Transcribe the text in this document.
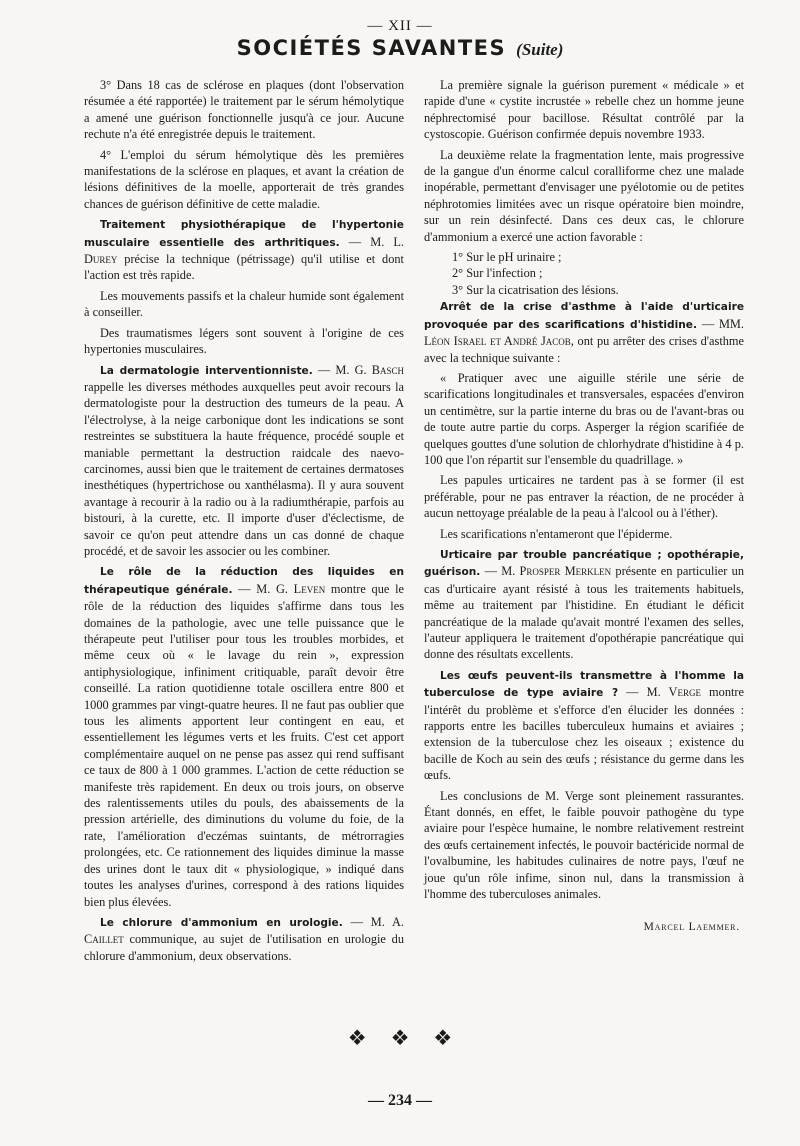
— XII —
SOCIÉTÉS SAVANTES (Suite)

3° Dans 18 cas de sclérose en plaques (dont l'observation résumée a été rapportée) le traitement par le sérum hémolytique a amené une guérison fonctionnelle jusqu'à ce jour. Aucune rechute n'a été enregistrée depuis le traitement.

4° L'emploi du sérum hémolytique dès les premières manifestations de la sclérose en plaques, et avant la création de lésions définitives de la moelle, apporterait de très grandes chances de guérison définitive de cette maladie.

Traitement physiothérapique de l'hypertonie musculaire essentielle des arthritiques. — M. L. Durey précise la technique (pétrissage) qu'il utilise et dont l'action est très rapide.

Les mouvements passifs et la chaleur humide sont également à conseiller.

Des traumatismes légers sont souvent à l'origine de ces hypertonies musculaires.

La dermatologie interventionniste. — M. G. Basch rappelle les diverses méthodes auxquelles peut avoir recours la dermatologiste pour la destruction des tumeurs de la peau. A l'électrolyse, à la neige carbonique dont les indications se sont restreintes se substituera la haute fréquence, procédé souple et maniable permettant la destruction raidcale des naevo-carcinomes, aussi bien que le traitement de certaines dermatoses inesthétiques (hypertrichose ou xanthélasma). Il y aura souvent avantage à recourir à la radio ou à la radiumthérapie, parfois au bistouri, à la curette, etc. Il importe d'user d'éclectisme, de savoir ce qu'on peut attendre dans un cas donné de chaque procédé, et de savoir les associer ou les combiner.

Le rôle de la réduction des liquides en thérapeutique générale. — M. G. Leven montre que le rôle de la réduction des liquides s'affirme dans tous les domaines de la pathologie, avec une telle puissance que le thérapeute peut l'utiliser pour tous les troubles morbides, et même ceux où « le lavage du rein », expression antiphysiologique, infiniment critiquable, paraît devoir être conseillé. La ration quotidienne totale oscillera entre 800 et 1000 grammes par vingt-quatre heures. Il ne faut pas oublier que tous les aliments apportent leur contingent en eau, et essentiellement les légumes verts et les fruits. C'est cet apport complémentaire auquel on ne pense pas assez qui rend suffisant ce taux de 800 à 1 000 grammes. L'action de cette réduction se manifeste très rapidement. En deux ou trois jours, on observe des ralentissements utiles du pouls, des abaissements de la pression artérielle, des diminutions du volume du foie, de la rate, l'amélioration d'eczémas suintants, de métrorragies prolongées, etc. Ce rationnement des liquides diminue la masse des urines dont le taux dit « physiologique, » indiqué dans toutes les analyses d'urines, correspond à des rations liquides bien plus élevées.

Le chlorure d'ammonium en urologie. — M. A. Caillet communique, au sujet de l'utilisation en urologie du chlorure d'ammonium, deux observations.

La première signale la guérison purement « médicale » et rapide d'une « cystite incrustée » rebelle chez un homme jeune néphrectomisé pour bacillose. Résultat contrôlé par la cystoscopie. Guérison confirmée depuis novembre 1933.

La deuxième relate la fragmentation lente, mais progressive de la gangue d'un énorme calcul coralliforme chez une malade inopérable, permettant d'envisager une pyélotomie ou de petites néphrotomies limitées avec un risque opératoire bien moindre, sur un rein désinfecté. Dans ces deux cas, le chlorure d'ammonium a exercé une action favorable :

1° Sur le pH urinaire ;

2° Sur l'infection ;

3° Sur la cicatrisation des lésions.

Arrêt de la crise d'asthme à l'aide d'urticaire provoquée par des scarifications d'histidine. — MM. Léon Israel et André Jacob, ont pu arrêter des crises d'asthme avec la technique suivante :

« Pratiquer avec une aiguille stérile une série de scarifications longitudinales et transversales, espacées d'environ un centimètre, sur la partie interne du bras ou de l'avant-bras ou de toute autre partie du corps. Asperger la région scarifiée de quelques gouttes d'une solution de chlorhydrate d'histidine à 4 p. 100 que l'on répartit sur l'ensemble du quadrillage. »

Les papules urticaires ne tardent pas à se former (il est préférable, pour ne pas entraver la réaction, de ne procéder à aucun nettoyage préalable de la peau à l'alcool ou à l'éther).

Les scarifications n'entameront que l'épiderme.

Urticaire par trouble pancréatique ; opothérapie, guérison. — M. Prosper Merklen présente en particulier un cas d'urticaire ayant résisté à tous les traitements habituels, même au traitement par l'histidine. En étudiant le déficit pancréatique de la malade qu'avait montré l'examen des selles, l'auteur appliquera le traitement d'opothérapie pancréatique qui donne des résultats excellents.

Les œufs peuvent-ils transmettre à l'homme la tuberculose de type aviaire ? — M. Verge montre l'intérêt du problème et s'efforce d'en élucider les données : rapports entre les bacilles tuberculeux humains et aviaires ; extension de la tuberculose chez les oiseaux ; existence du bacille de Koch au sein des œufs ; résistance du germe dans les œufs.

Les conclusions de M. Verge sont pleinement rassurantes. Étant donnés, en effet, le faible pouvoir pathogène du type aviaire pour l'espèce humaine, le nombre relativement restreint des œufs certainement infectés, le pouvoir bactéricide normal de l'ovalbumine, les habitudes culinaires de notre pays, l'œuf ne joue qu'un rôle infime, sinon nul, dans la transmission à l'homme des tuberculoses animales.

Marcel Laemmer.
❖ ❖ ❖
— 234 —
